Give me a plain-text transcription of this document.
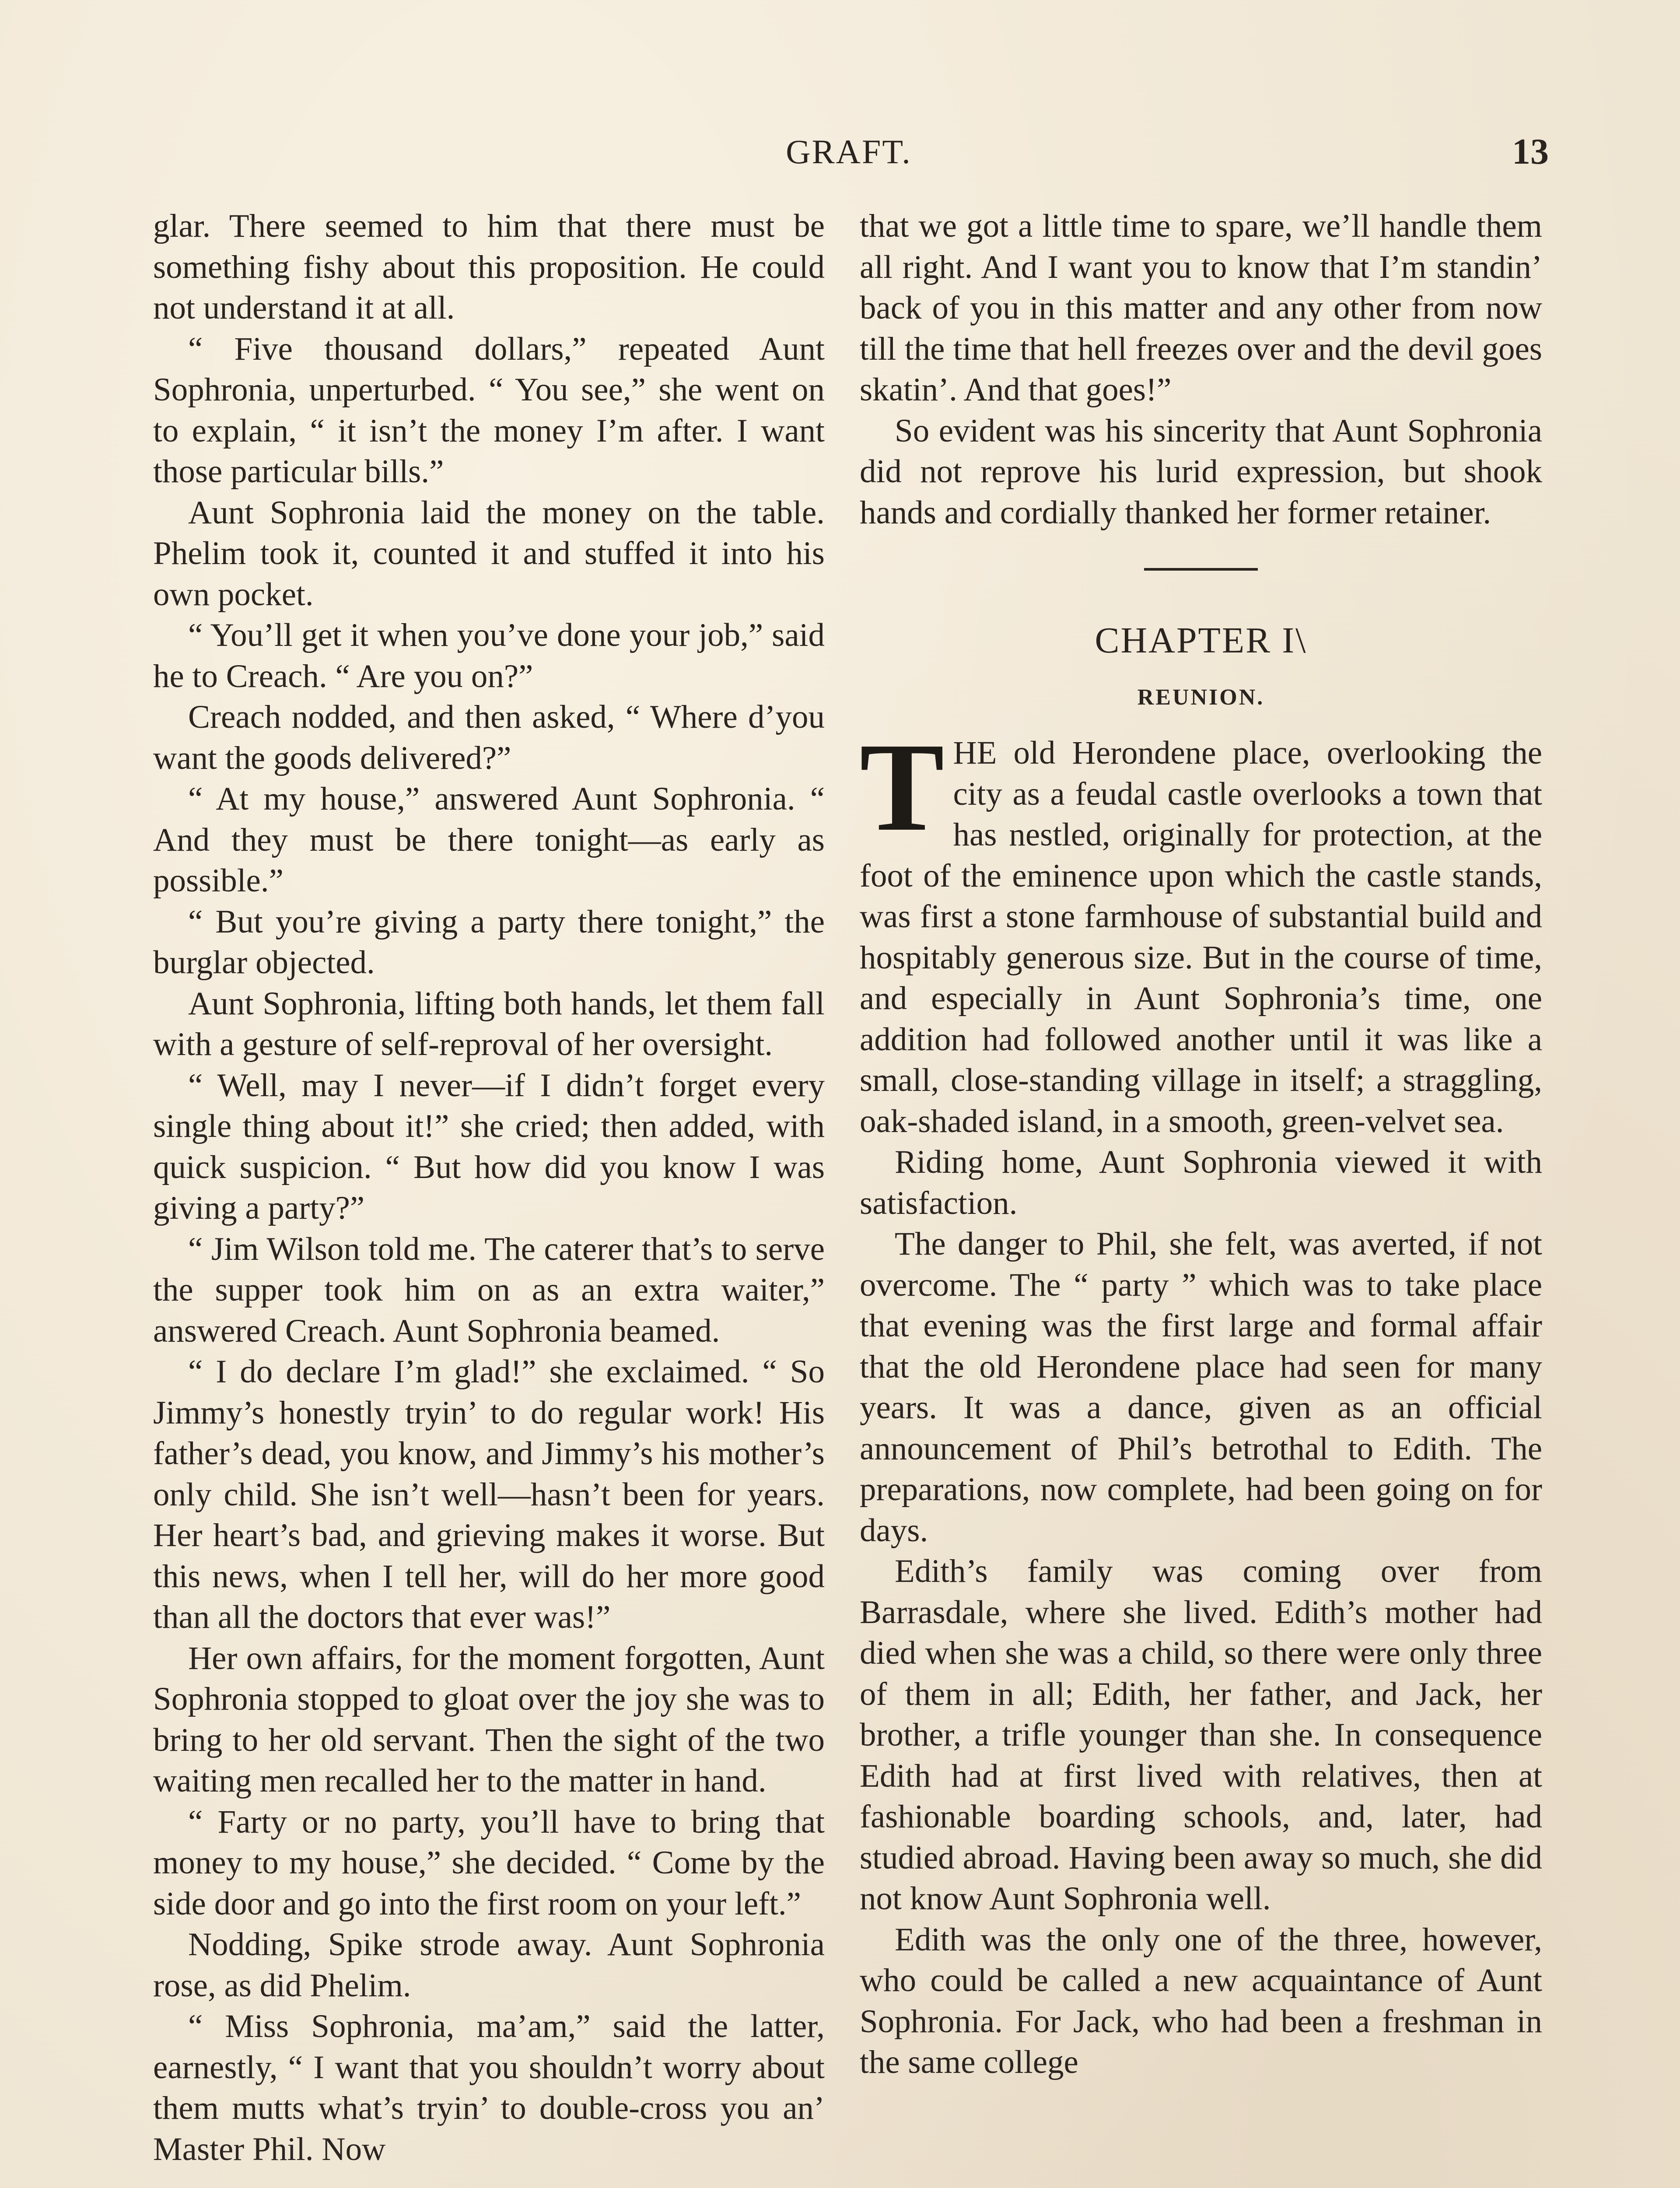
GRAFT.	13

glar. There seemed to him that there must be something fishy about this proposition. He could not understand it at all.

“ Five thousand dollars,” repeated Aunt Sophronia, unperturbed. “ You see,” she went on to explain, “ it isn’t the money I’m after. I want those particular bills.”

Aunt Sophronia laid the money on the table. Phelim took it, counted it and stuffed it into his own pocket.

“ You’ll get it when you’ve done your job,” said he to Creach. “ Are you on?”

Creach nodded, and then asked, “ Where d’you want the goods delivered?”

“ At my house,” answered Aunt Sophronia. “ And they must be there tonight—as early as possible.”

“ But you’re giving a party there tonight,” the burglar objected.

Aunt Sophronia, lifting both hands, let them fall with a gesture of self-reproval of her oversight.

“ Well, may I never—if I didn’t forget every single thing about it!” she cried; then added, with quick suspicion. “ But how did you know I was giving a party?”

“ Jim Wilson told me. The caterer that’s to serve the supper took him on as an extra waiter,” answered Creach. Aunt Sophronia beamed.

“ I do declare I’m glad!” she exclaimed. “ So Jimmy’s honestly tryin’ to do regular work! His father’s dead, you know, and Jimmy’s his mother’s only child. She isn’t well—hasn’t been for years. Her heart’s bad, and grieving makes it worse. But this news, when I tell her, will do her more good than all the doctors that ever was!”

Her own affairs, for the moment forgotten, Aunt Sophronia stopped to gloat over the joy she was to bring to her old servant. Then the sight of the two waiting men recalled her to the matter in hand.

“ Farty or no party, you’ll have to bring that money to my house,” she decided. “ Come by the side door and go into the first room on your left.”

Nodding, Spike strode away. Aunt Sophronia rose, as did Phelim.

“ Miss Sophronia, ma’am,” said the latter, earnestly, “ I want that you shouldn’t worry about them mutts what’s tryin’ to double-cross you an’ Master Phil. Now

that we got a little time to spare, we’ll handle them all right. And I want you to know that I’m standin’ back of you in this matter and any other from now till the time that hell freezes over and the devil goes skatin’. And that goes!”

So evident was his sincerity that Aunt Sophronia did not reprove his lurid expression, but shook hands and cordially thanked her former retainer.

CHAPTER I\
REUNION.

THE old Herondene place, overlooking the city as a feudal castle overlooks a town that has nestled, originally for protection, at the foot of the eminence upon which the castle stands, was first a stone farmhouse of substantial build and hospitably generous size. But in the course of time, and especially in Aunt Sophronia’s time, one addition had followed another until it was like a small, close-standing village in itself; a straggling, oak-shaded island, in a smooth, green-velvet sea.

Riding home, Aunt Sophronia viewed it with satisfaction.

The danger to Phil, she felt, was averted, if not overcome. The “ party ” which was to take place that evening was the first large and formal affair that the old Herondene place had seen for many years. It was a dance, given as an official announcement of Phil’s betrothal to Edith. The preparations, now complete, had been going on for days.

Edith’s family was coming over from Barrasdale, where she lived. Edith’s mother had died when she was a child, so there were only three of them in all; Edith, her father, and Jack, her brother, a trifle younger than she. In consequence Edith had at first lived with relatives, then at fashionable boarding schools, and, later, had studied abroad. Having been away so much, she did not know Aunt Sophronia well.

Edith was the only one of the three, however, who could be called a new acquaintance of Aunt Sophronia. For Jack, who had been a freshman in the same college
